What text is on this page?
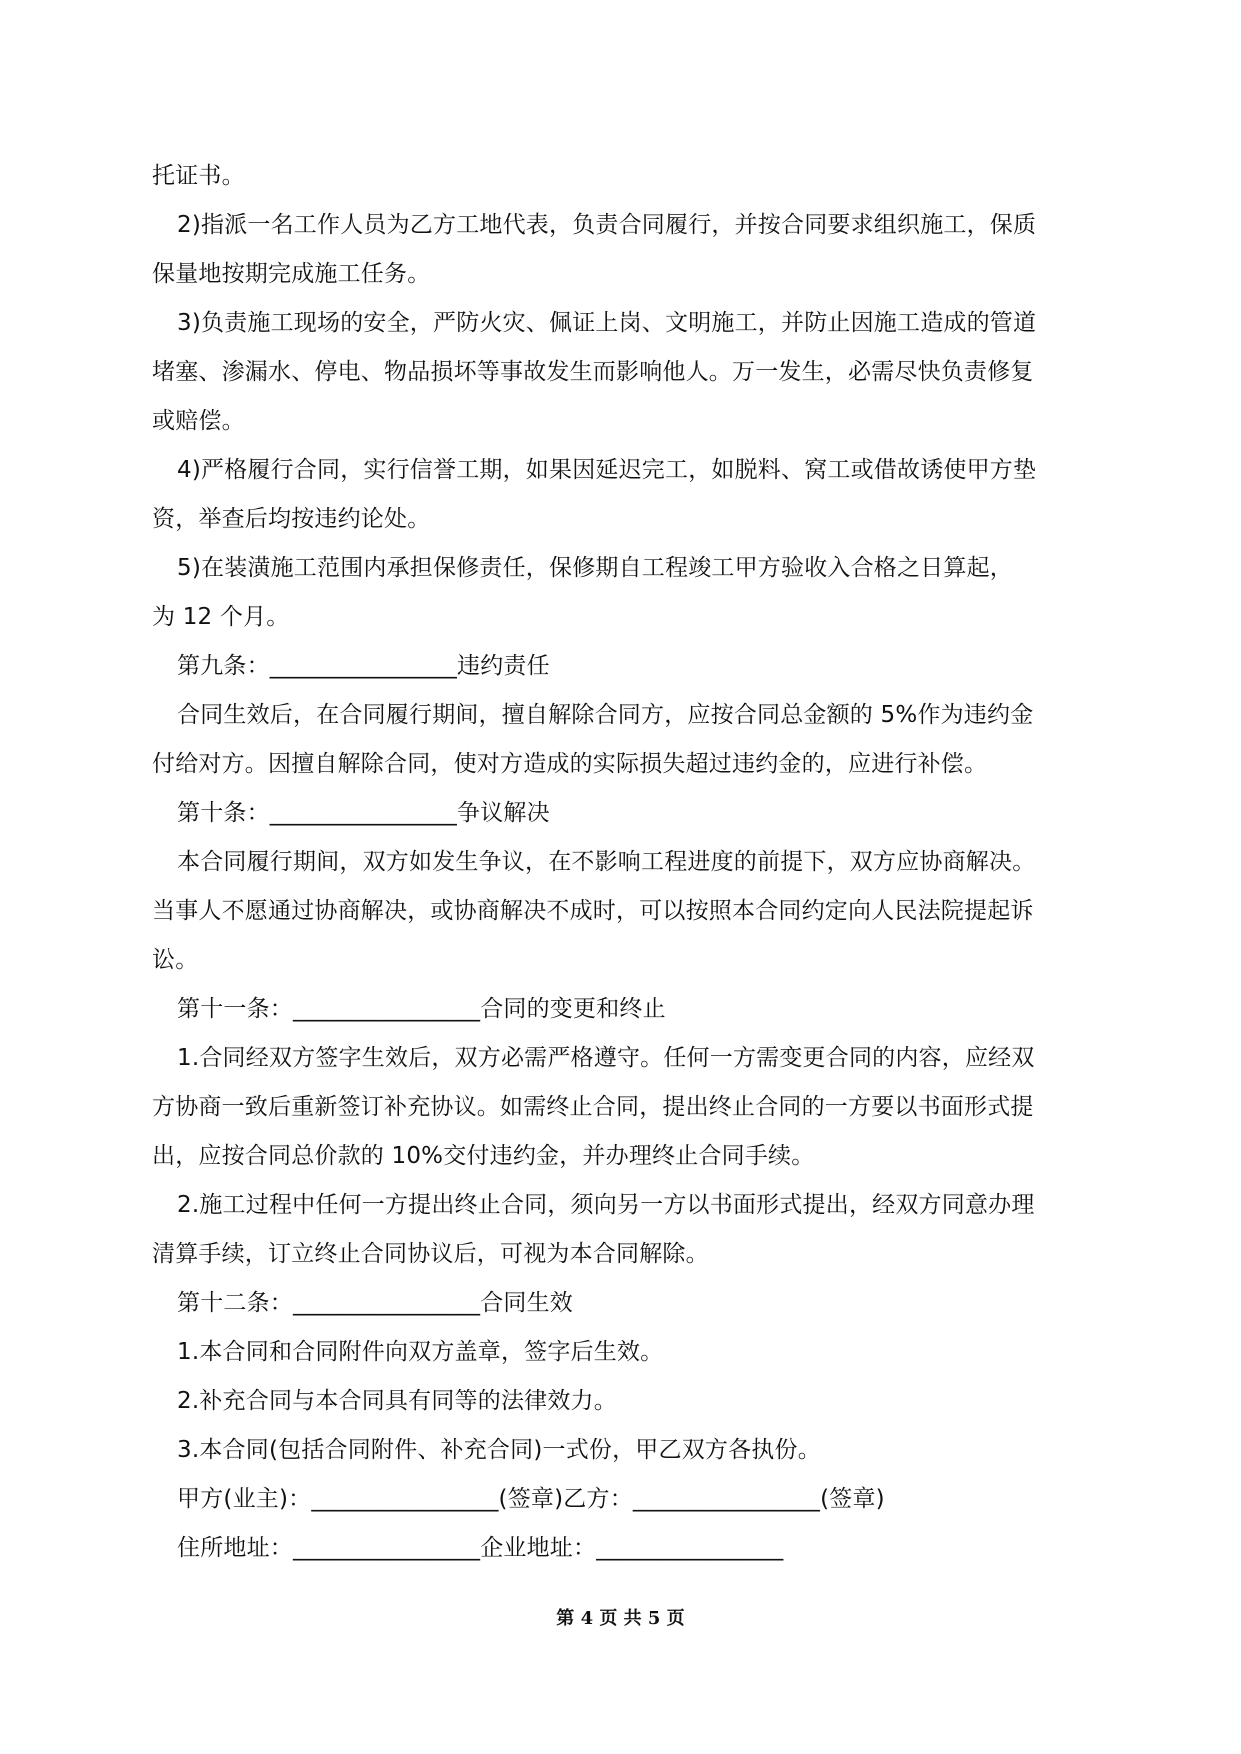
托证书。
2)指派一名工作人员为乙方工地代表，负责合同履行，并按合同要求组织施工，保质
保量地按期完成施工任务。
3)负责施工现场的安全，严防火灾、佩证上岗、文明施工，并防止因施工造成的管道
堵塞、渗漏水、停电、物品损坏等事故发生而影响他人。万一发生，必需尽快负责修复
或赔偿。
4)严格履行合同，实行信誉工期，如果因延迟完工，如脱料、窝工或借故诱使甲方垫
资，举查后均按违约论处。
5)在装潢施工范围内承担保修责任，保修期自工程竣工甲方验收入合格之日算起，
为 12 个月。
第九条：________________违约责任
合同生效后，在合同履行期间，擅自解除合同方，应按合同总金额的 5%作为违约金
付给对方。因擅自解除合同，使对方造成的实际损失超过违约金的，应进行补偿。
第十条：________________争议解决
本合同履行期间，双方如发生争议，在不影响工程进度的前提下，双方应协商解决。
当事人不愿通过协商解决，或协商解决不成时，可以按照本合同约定向人民法院提起诉
讼。
第十一条：________________合同的变更和终止
1.合同经双方签字生效后，双方必需严格遵守。任何一方需变更合同的内容，应经双
方协商一致后重新签订补充协议。如需终止合同，提出终止合同的一方要以书面形式提
出，应按合同总价款的 10%交付违约金，并办理终止合同手续。
2.施工过程中任何一方提出终止合同，须向另一方以书面形式提出，经双方同意办理
清算手续，订立终止合同协议后，可视为本合同解除。
第十二条：________________合同生效
1.本合同和合同附件向双方盖章，签字后生效。
2.补充合同与本合同具有同等的法律效力。
3.本合同(包括合同附件、补充合同)一式份，甲乙双方各执份。
甲方(业主)：________________(签章)乙方：________________(签章)
住所地址：________________企业地址：________________
第 4 页 共 5 页
